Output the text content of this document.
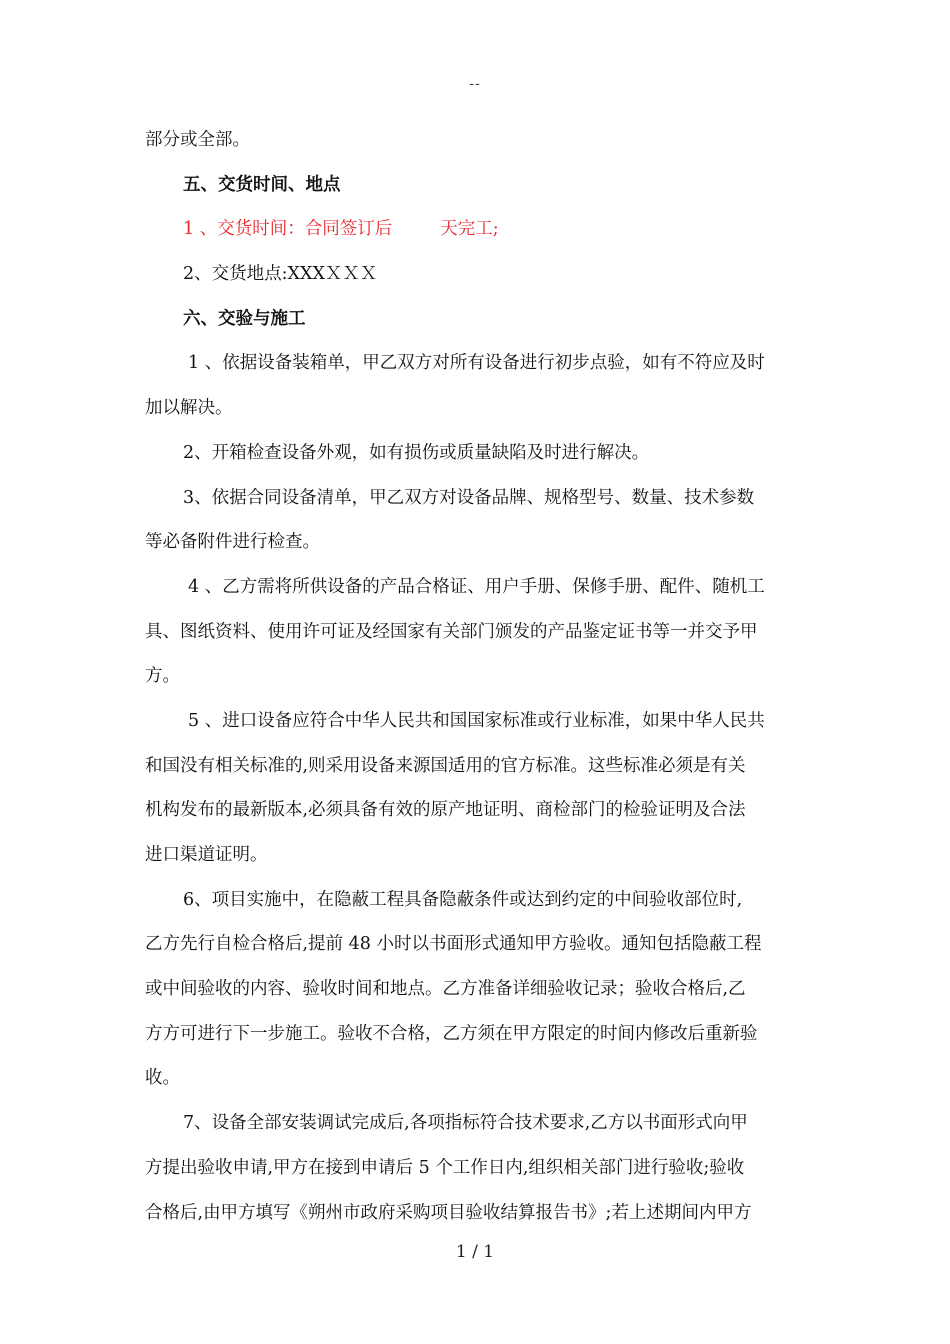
--
部分或全部。
五、交货时间、地点
1 、交货时间：合同签订后	天完工;
2、交货地点:XXXＸＸＸ
六、交验与施工
1 、依据设备装箱单，甲乙双方对所有设备进行初步点验，如有不符应及时
加以解决。
2、开箱检查设备外观，如有损伤或质量缺陷及时进行解决。
3、依据合同设备清单，甲乙双方对设备品牌、规格型号、数量、技术参数
等必备附件进行检查。
4 、乙方需将所供设备的产品合格证、用户手册、保修手册、配件、随机工
具、图纸资料、使用许可证及经国家有关部门颁发的产品鉴定证书等一并交予甲
方。
5 、进口设备应符合中华人民共和国国家标准或行业标准，如果中华人民共
和国没有相关标准的,则采用设备来源国适用的官方标准。这些标准必须是有关
机构发布的最新版本,必须具备有效的原产地证明、商检部门的检验证明及合法
进口渠道证明。
6、项目实施中，在隐蔽工程具备隐蔽条件或达到约定的中间验收部位时,
乙方先行自检合格后,提前 48 小时以书面形式通知甲方验收。通知包括隐蔽工程
或中间验收的内容、验收时间和地点。乙方准备详细验收记录；验收合格后,乙
方方可进行下一步施工。验收不合格，乙方须在甲方限定的时间内修改后重新验
收。
7、设备全部安装调试完成后,各项指标符合技术要求,乙方以书面形式向甲
方提出验收申请,甲方在接到申请后 5 个工作日内,组织相关部门进行验收;验收
合格后,由甲方填写《朔州市政府采购项目验收结算报告书》;若上述期间内甲方
1 / 1
